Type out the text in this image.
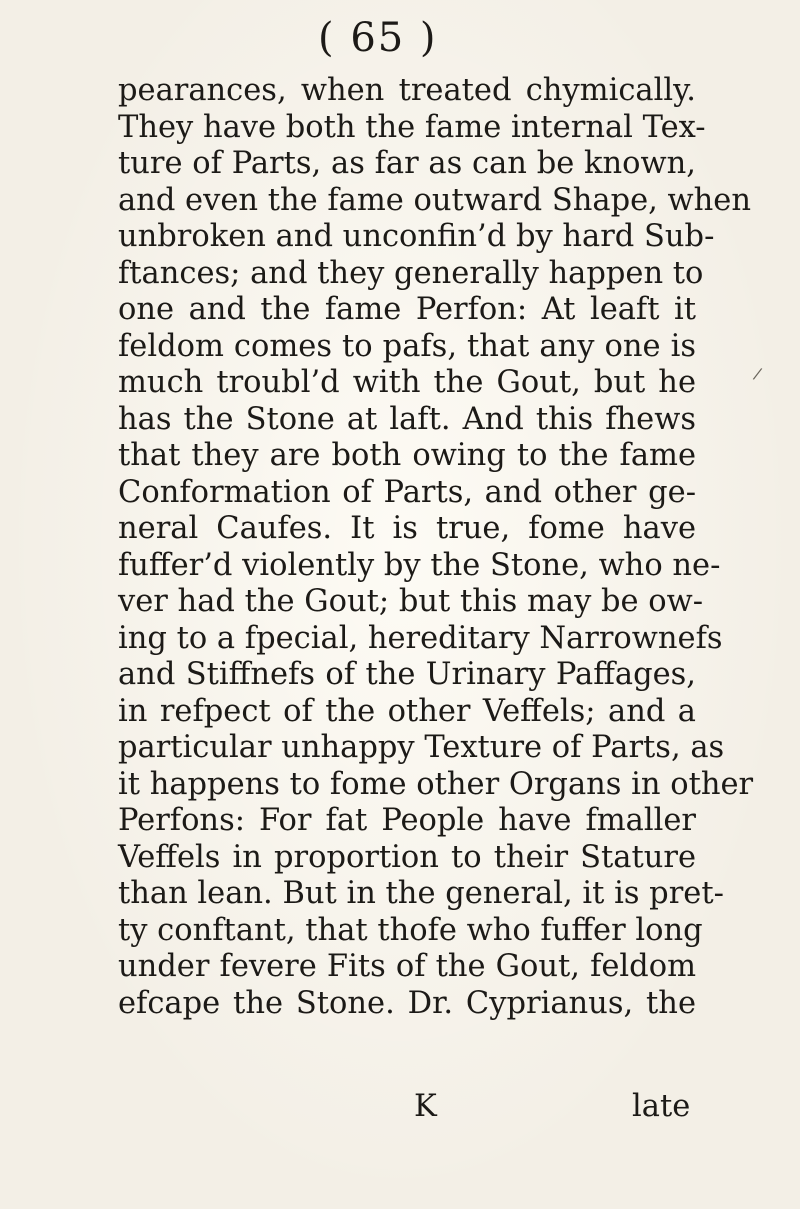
( 65 )
/
pearances, when treated chymically.
They have both the fame internal Tex-
ture of Parts, as far as can be known,
and even the fame outward Shape, when
unbroken and unconfin’d by hard Sub-
ftances; and they generally happen to
one and the fame Perfon: At leaft it
feldom comes to pafs, that any one is
much troubl’d with the Gout, but he
has the Stone at laft. And this fhews
that they are both owing to the fame
Conformation of Parts, and other ge-
neral Caufes. It is true, fome have
fuffer’d violently by the Stone, who ne-
ver had the Gout; but this may be ow-
ing to a fpecial, hereditary Narrownefs
and Stiffnefs of the Urinary Paffages,
in refpect of the other Veffels; and a
particular unhappy Texture of Parts, as
it happens to fome other Organs in other
Perfons: For fat People have fmaller
Veffels in proportion to their Stature
than lean. But in the general, it is pret-
ty conftant, that thofe who fuffer long
under fevere Fits of the Gout, feldom
efcape the Stone. Dr. Cyprianus, the
K	late
